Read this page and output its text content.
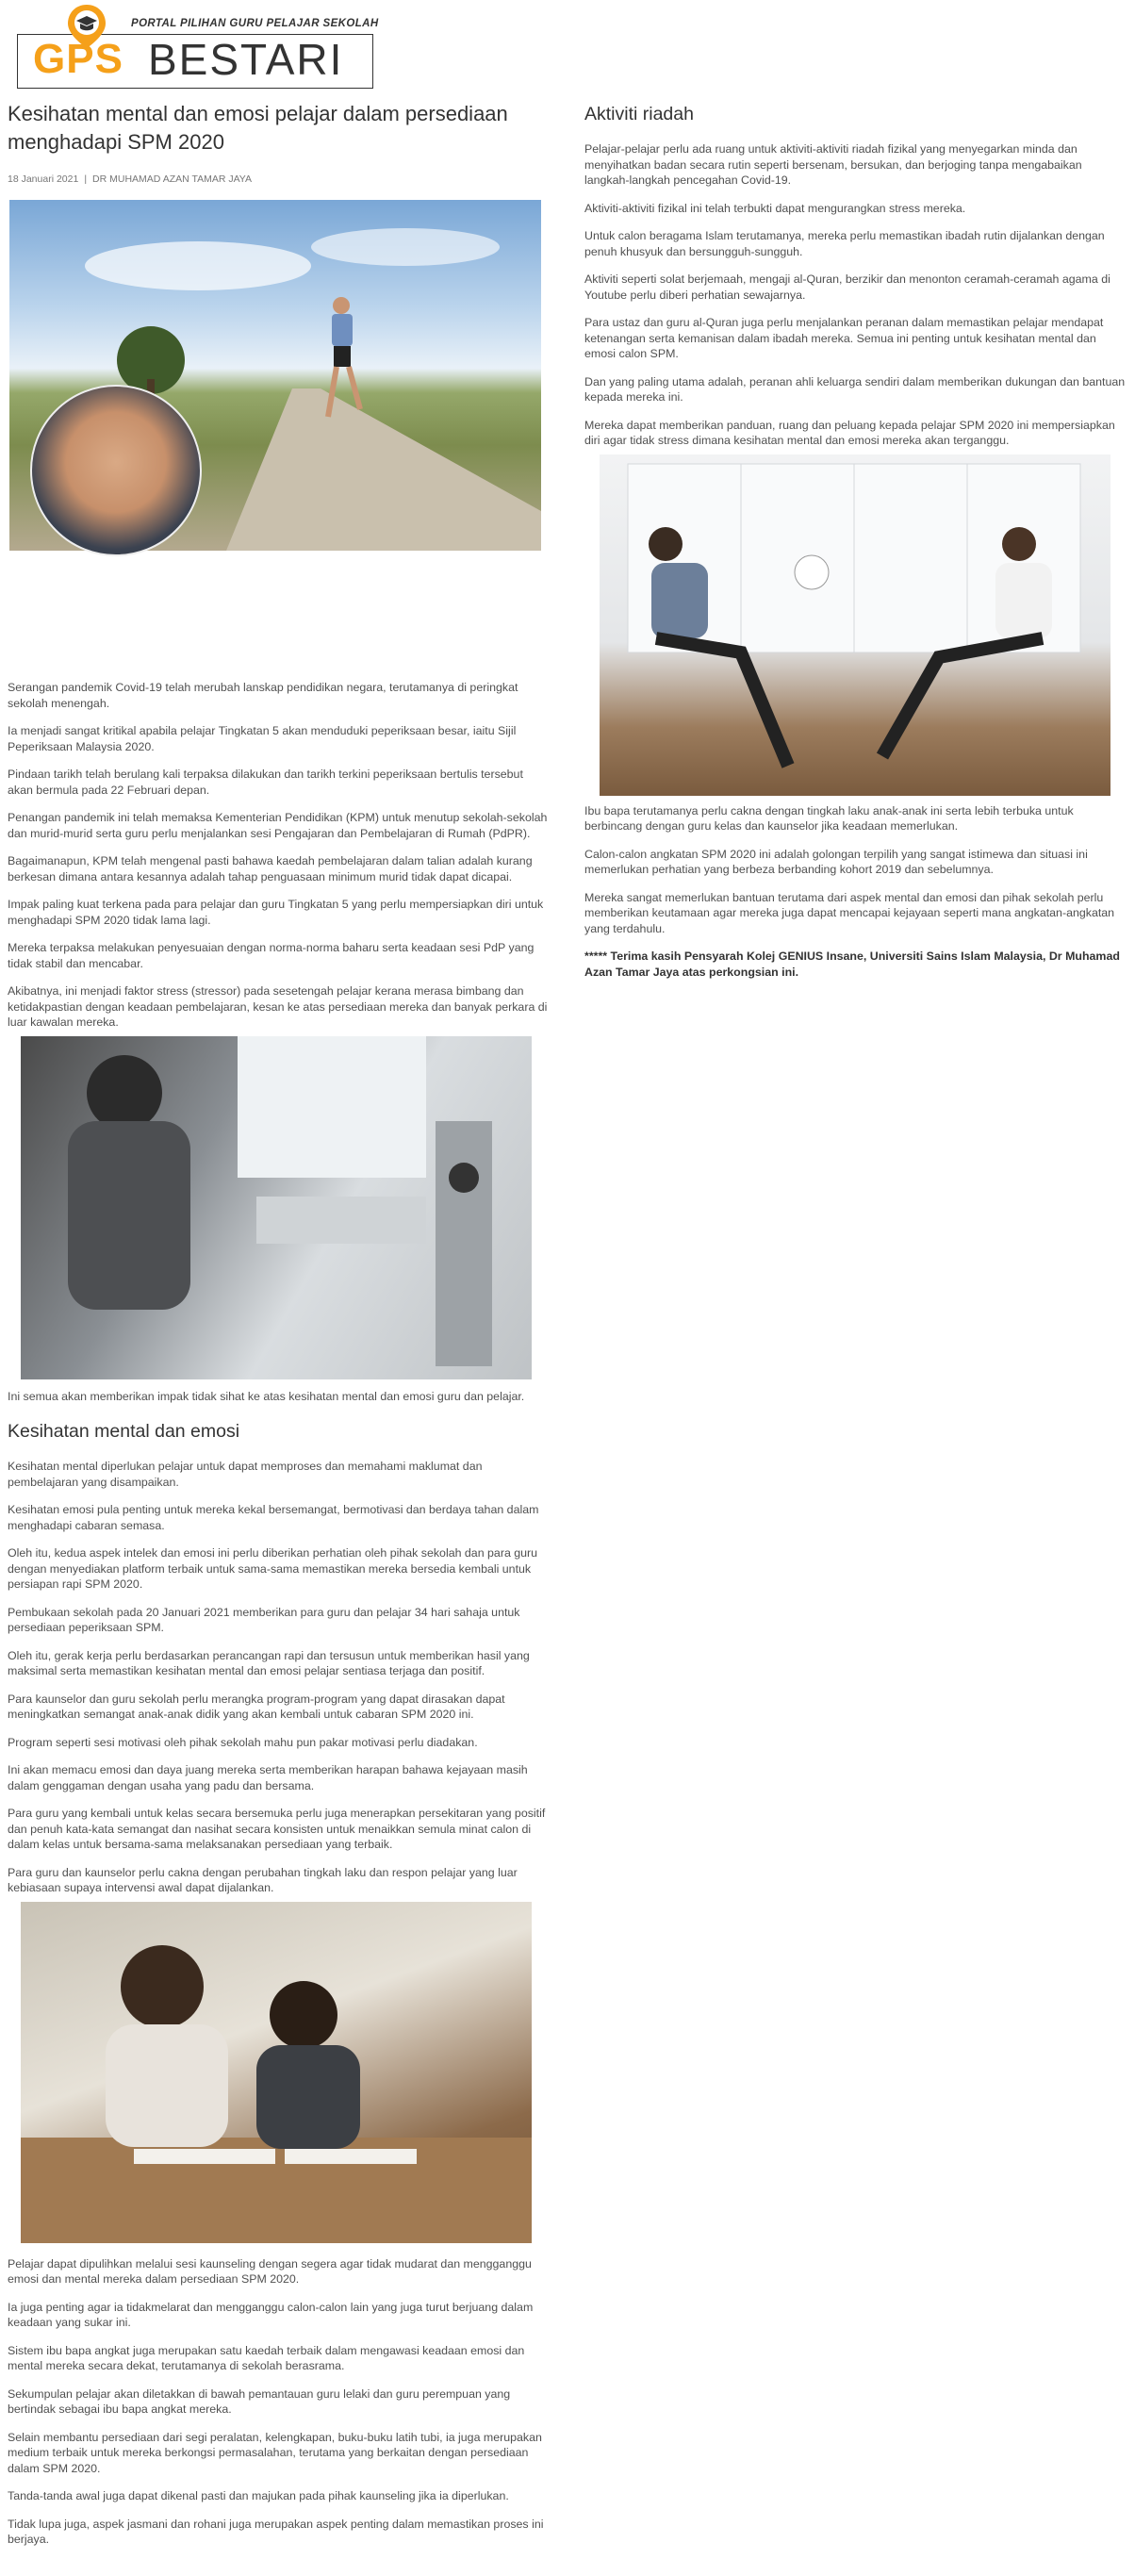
PORTAL PILIHAN GURU PELAJAR SEKOLAH
GPS BESTARI
Kesihatan mental dan emosi pelajar dalam persediaan menghadapi SPM 2020
18 Januari 2021 | DR MUHAMAD AZAN TAMAR JAYA

Serangan pandemik Covid-19 telah merubah lanskap pendidikan negara, terutamanya di peringkat sekolah menengah.

Ia menjadi sangat kritikal apabila pelajar Tingkatan 5 akan menduduki peperiksaan besar, iaitu Sijil Peperiksaan Malaysia 2020.

Pindaan tarikh telah berulang kali terpaksa dilakukan dan tarikh terkini peperiksaan bertulis tersebut akan bermula pada 22 Februari depan.

Penangan pandemik ini telah memaksa Kementerian Pendidikan (KPM) untuk menutup sekolah-sekolah dan murid-murid serta guru perlu menjalankan sesi Pengajaran dan Pembelajaran di Rumah (PdPR).

Bagaimanapun, KPM telah mengenal pasti bahawa kaedah pembelajaran dalam talian adalah kurang berkesan dimana antara kesannya adalah tahap penguasaan minimum murid tidak dapat dicapai.

Impak paling kuat terkena pada para pelajar dan guru Tingkatan 5 yang perlu mempersiapkan diri untuk menghadapi SPM 2020 tidak lama lagi.

Mereka terpaksa melakukan penyesuaian dengan norma-norma baharu serta keadaan sesi PdP yang tidak stabil dan mencabar.

Akibatnya, ini menjadi faktor stress (stressor) pada sesetengah pelajar kerana merasa bimbang dan ketidakpastian dengan keadaan pembelajaran, kesan ke atas persediaan mereka dan banyak perkara di luar kawalan mereka.

Ini semua akan memberikan impak tidak sihat ke atas kesihatan mental dan emosi guru dan pelajar.

Kesihatan mental dan emosi

Kesihatan mental diperlukan pelajar untuk dapat memproses dan memahami maklumat dan pembelajaran yang disampaikan.

Kesihatan emosi pula penting untuk mereka kekal bersemangat, bermotivasi dan berdaya tahan dalam menghadapi cabaran semasa.

Oleh itu, kedua aspek intelek dan emosi ini perlu diberikan perhatian oleh pihak sekolah dan para guru dengan menyediakan platform terbaik untuk sama-sama memastikan mereka bersedia kembali untuk persiapan rapi SPM 2020.

Pembukaan sekolah pada 20 Januari 2021 memberikan para guru dan pelajar 34 hari sahaja untuk persediaan peperiksaan SPM.

Oleh itu, gerak kerja perlu berdasarkan perancangan rapi dan tersusun untuk memberikan hasil yang maksimal serta memastikan kesihatan mental dan emosi pelajar sentiasa terjaga dan positif.

Para kaunselor dan guru sekolah perlu merangka program-program yang dapat dirasakan dapat meningkatkan semangat anak-anak didik yang akan kembali untuk cabaran SPM 2020 ini.

Program seperti sesi motivasi oleh pihak sekolah mahu pun pakar motivasi perlu diadakan.

Ini akan memacu emosi dan daya juang mereka serta memberikan harapan bahawa kejayaan masih dalam genggaman dengan usaha yang padu dan bersama.

Para guru yang kembali untuk kelas secara bersemuka perlu juga menerapkan persekitaran yang positif dan penuh kata-kata semangat dan nasihat secara konsisten untuk menaikkan semula minat calon di dalam kelas untuk bersama-sama melaksanakan persediaan yang terbaik.

Para guru dan kaunselor perlu cakna dengan perubahan tingkah laku dan respon pelajar yang luar kebiasaan supaya intervensi awal dapat dijalankan.

Pelajar dapat dipulihkan melalui sesi kaunseling dengan segera agar tidak mudarat dan mengganggu emosi dan mental mereka dalam persediaan SPM 2020.

Ia juga penting agar ia tidakmelarat dan mengganggu calon-calon lain yang juga turut berjuang dalam keadaan yang sukar ini.

Sistem ibu bapa angkat juga merupakan satu kaedah terbaik dalam mengawasi keadaan emosi dan mental mereka secara dekat, terutamanya di sekolah berasrama.

Sekumpulan pelajar akan diletakkan di bawah pemantauan guru lelaki dan guru perempuan yang bertindak sebagai ibu bapa angkat mereka.

Selain membantu persediaan dari segi peralatan, kelengkapan, buku-buku latih tubi, ia juga merupakan medium terbaik untuk mereka berkongsi permasalahan, terutama yang berkaitan dengan persediaan dalam SPM 2020.

Tanda-tanda awal juga dapat dikenal pasti dan majukan pada pihak kaunseling jika ia diperlukan.

Tidak lupa juga, aspek jasmani dan rohani juga merupakan aspek penting dalam memastikan proses ini berjaya.

Aktiviti riadah

Pelajar-pelajar perlu ada ruang untuk aktiviti-aktiviti riadah fizikal yang menyegarkan minda dan menyihatkan badan secara rutin seperti bersenam, bersukan, dan berjoging tanpa mengabaikan langkah-langkah pencegahan Covid-19.

Aktiviti-aktiviti fizikal ini telah terbukti dapat mengurangkan stress mereka.

Untuk calon beragama Islam terutamanya, mereka perlu memastikan ibadah rutin dijalankan dengan penuh khusyuk dan bersungguh-sungguh.

Aktiviti seperti solat berjemaah, mengaji al-Quran, berzikir dan menonton ceramah-ceramah agama di Youtube perlu diberi perhatian sewajarnya.

Para ustaz dan guru al-Quran juga perlu menjalankan peranan dalam memastikan pelajar mendapat ketenangan serta kemanisan dalam ibadah mereka. Semua ini penting untuk kesihatan mental dan emosi calon SPM.

Dan yang paling utama adalah, peranan ahli keluarga sendiri dalam memberikan dukungan dan bantuan kepada mereka ini.

Mereka dapat memberikan panduan, ruang dan peluang kepada pelajar SPM 2020 ini mempersiapkan diri agar tidak stress dimana kesihatan mental dan emosi mereka akan terganggu.

Ibu bapa terutamanya perlu cakna dengan tingkah laku anak-anak ini serta lebih terbuka untuk berbincang dengan guru kelas dan kaunselor jika keadaan memerlukan.

Calon-calon angkatan SPM 2020 ini adalah golongan terpilih yang sangat istimewa dan situasi ini memerlukan perhatian yang berbeza berbanding kohort 2019 dan sebelumnya.

Mereka sangat memerlukan bantuan terutama dari aspek mental dan emosi dan pihak sekolah perlu memberikan keutamaan agar mereka juga dapat mencapai kejayaan seperti mana angkatan-angkatan yang terdahulu.

***** Terima kasih Pensyarah Kolej GENIUS Insane, Universiti Sains Islam Malaysia, Dr Muhamad Azan Tamar Jaya atas perkongsian ini.
